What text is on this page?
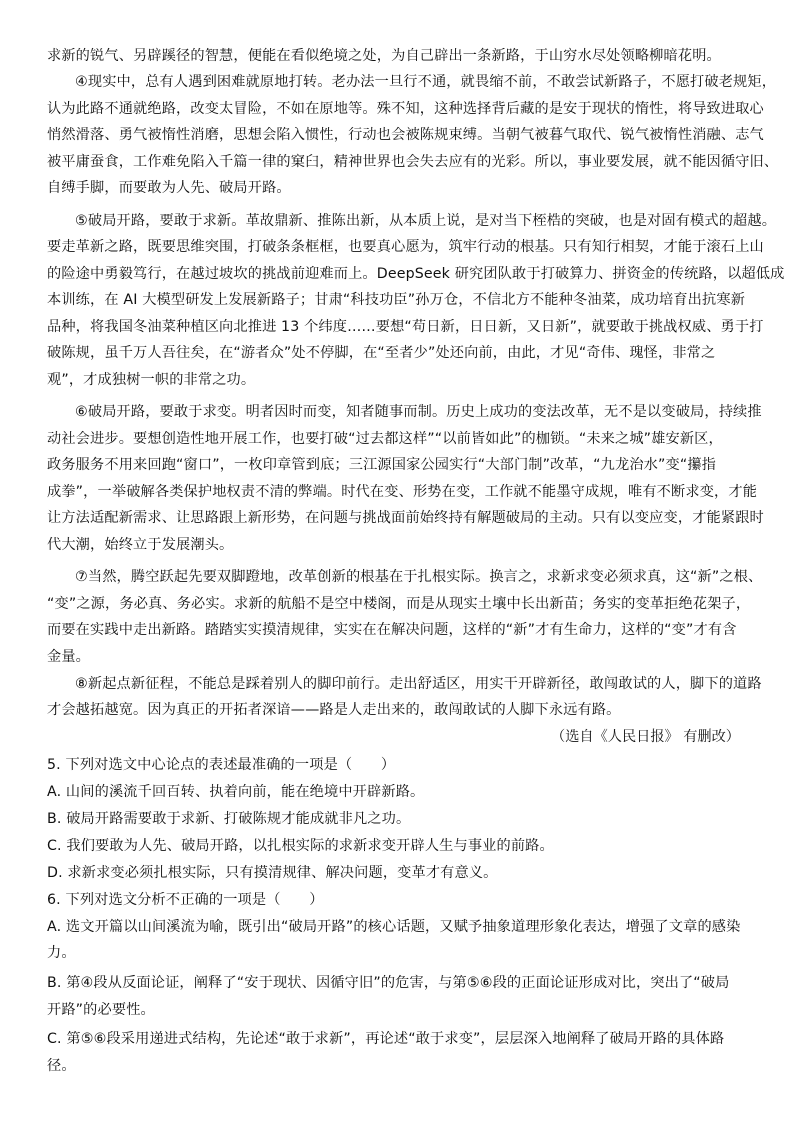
求新的锐气、另辟蹊径的智慧，便能在看似绝境之处，为自己辟出一条新路，于山穷水尽处领略柳暗花明。
④现实中，总有人遇到困难就原地打转。老办法一旦行不通，就畏缩不前，不敢尝试新路子，不愿打破老规矩，
认为此路不通就绝路，改变太冒险，不如在原地等。殊不知，这种选择背后藏的是安于现状的惰性，将导致进取心
悄然滑落、勇气被惰性消磨，思想会陷入惯性，行动也会被陈规束缚。当朝气被暮气取代、锐气被惰性消融、志气
被平庸蚕食，工作难免陷入千篇一律的窠臼，精神世界也会失去应有的光彩。所以，事业要发展，就不能因循守旧、
自缚手脚，而要敢为人先、破局开路。
⑤破局开路，要敢于求新。革故鼎新、推陈出新，从本质上说，是对当下桎梏的突破，也是对固有模式的超越。
要走革新之路，既要思维突围，打破条条框框，也要真心愿为，筑牢行动的根基。只有知行相契，才能于滚石上山
的险途中勇毅笃行，在越过坡坎的挑战前迎难而上。DeepSeek 研究团队敢于打破算力、拼资金的传统路，以超低成
本训练，在 AI 大模型研发上发展新路子；甘肃“科技功臣”孙万仓，不信北方不能种冬油菜，成功培育出抗寒新
品种，将我国冬油菜种植区向北推进 13 个纬度……要想“苟日新，日日新，又日新”，就要敢于挑战权威、勇于打
破陈规，虽千万人吾往矣，在“游者众”处不停脚，在“至者少”处还向前，由此，才见“奇伟、瑰怪，非常之
观”，才成独树一帜的非常之功。
⑥破局开路，要敢于求变。明者因时而变，知者随事而制。历史上成功的变法改革，无不是以变破局，持续推
动社会进步。要想创造性地开展工作，也要打破“过去都这样”“以前皆如此”的枷锁。“未来之城”雄安新区，
政务服务不用来回跑“窗口”，一枚印章管到底；三江源国家公园实行“大部门制”改革，“九龙治水”变“攥指
成拳”，一举破解各类保护地权责不清的弊端。时代在变、形势在变，工作就不能墨守成规，唯有不断求变，才能
让方法适配新需求、让思路跟上新形势，在问题与挑战面前始终持有解题破局的主动。只有以变应变，才能紧跟时
代大潮，始终立于发展潮头。
⑦当然，腾空跃起先要双脚蹬地，改革创新的根基在于扎根实际。换言之，求新求变必须求真，这“新”之根、
“变”之源，务必真、务必实。求新的航船不是空中楼阁，而是从现实土壤中长出新苗；务实的变革拒绝花架子，
而要在实践中走出新路。踏踏实实摸清规律，实实在在解决问题，这样的“新”才有生命力，这样的“变”才有含
金量。
⑧新起点新征程，不能总是踩着别人的脚印前行。走出舒适区，用实干开辟新径，敢闯敢试的人，脚下的道路
才会越拓越宽。因为真正的开拓者深谙——路是人走出来的，敢闯敢试的人脚下永远有路。
（选自《人民日报》 有删改）
5. 下列对选文中心论点的表述最准确的一项是（　　）
A. 山间的溪流千回百转、执着向前，能在绝境中开辟新路。
B. 破局开路需要敢于求新、打破陈规才能成就非凡之功。
C. 我们要敢为人先、破局开路，以扎根实际的求新求变开辟人生与事业的前路。
D. 求新求变必须扎根实际，只有摸清规律、解决问题，变革才有意义。
6. 下列对选文分析不正确的一项是（　　）
A. 选文开篇以山间溪流为喻，既引出“破局开路”的核心话题，又赋予抽象道理形象化表达，增强了文章的感染
力。
B. 第④段从反面论证，阐释了“安于现状、因循守旧”的危害，与第⑤⑥段的正面论证形成对比，突出了“破局
开路”的必要性。
C. 第⑤⑥段采用递进式结构，先论述“敢于求新”，再论述“敢于求变”，层层深入地阐释了破局开路的具体路
径。
